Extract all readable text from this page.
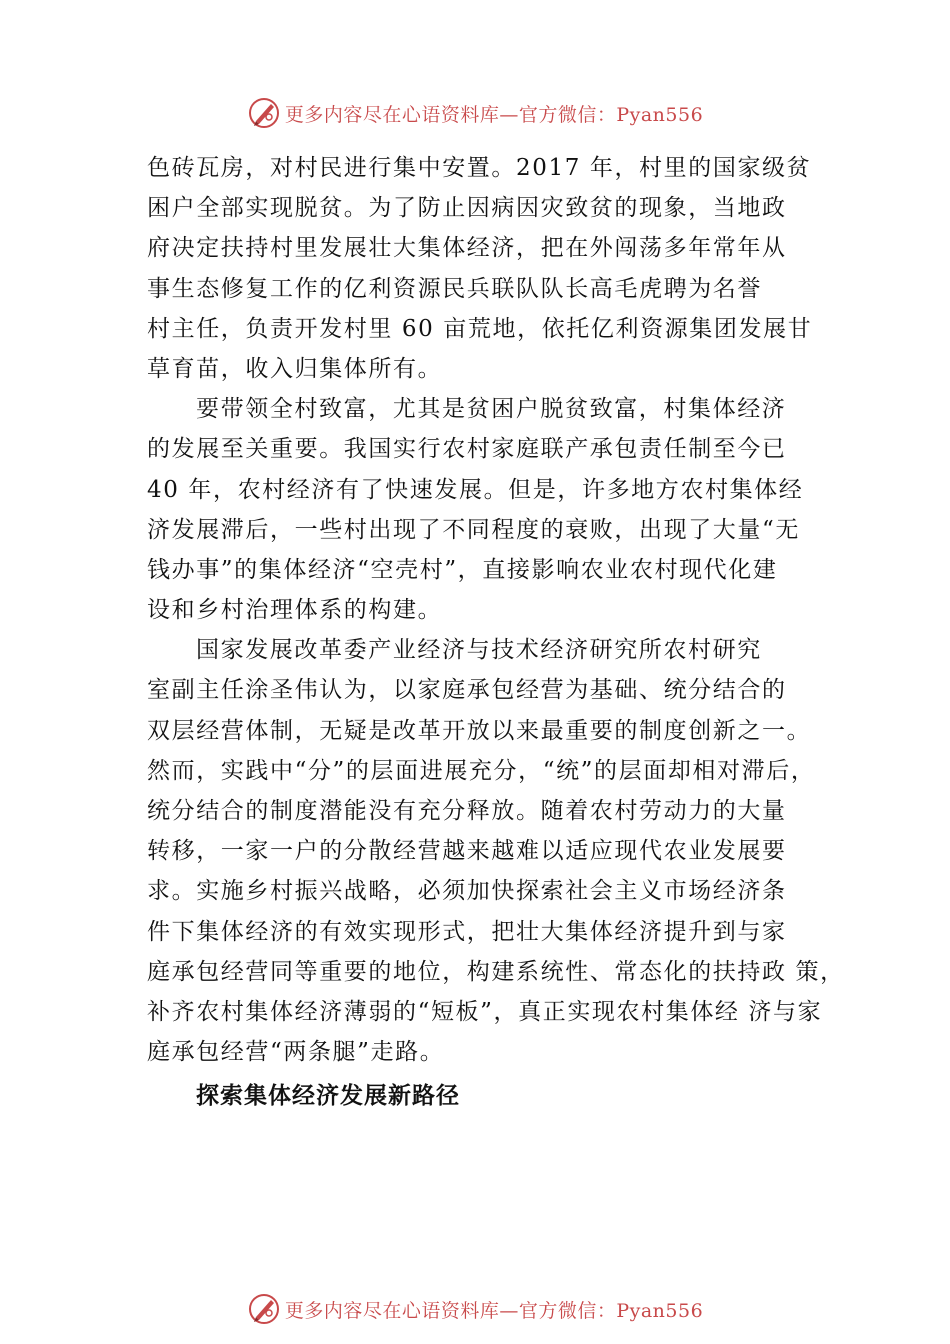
更多内容尽在心语资料库—官方微信：Pyan556
色砖瓦房，对村民进行集中安置。2017 年，村里的国家级贫
困户全部实现脱贫。为了防止因病因灾致贫的现象，当地政
府决定扶持村里发展壮大集体经济，把在外闯荡多年常年从
事生态修复工作的亿利资源民兵联队队长高毛虎聘为名誉
村主任，负责开发村里 60 亩荒地，依托亿利资源集团发展甘
草育苗，收入归集体所有。
要带领全村致富，尤其是贫困户脱贫致富，村集体经济
的发展至关重要。我国实行农村家庭联产承包责任制至今已
40 年，农村经济有了快速发展。但是，许多地方农村集体经
济发展滞后，一些村出现了不同程度的衰败，出现了大量“无
钱办事”的集体经济“空壳村”，直接影响农业农村现代化建
设和乡村治理体系的构建。
国家发展改革委产业经济与技术经济研究所农村研究
室副主任涂圣伟认为，以家庭承包经营为基础、统分结合的
双层经营体制，无疑是改革开放以来最重要的制度创新之一。
然而，实践中“分”的层面进展充分，“统”的层面却相对滞后，
统分结合的制度潜能没有充分释放。随着农村劳动力的大量
转移，一家一户的分散经营越来越难以适应现代农业发展要
求。实施乡村振兴战略，必须加快探索社会主义市场经济条
件下集体经济的有效实现形式，把壮大集体经济提升到与家
庭承包经营同等重要的地位，构建系统性、常态化的扶持政 策，
补齐农村集体经济薄弱的“短板”，真正实现农村集体经 济与家
庭承包经营“两条腿”走路。
探索集体经济发展新路径
更多内容尽在心语资料库—官方微信：Pyan556
